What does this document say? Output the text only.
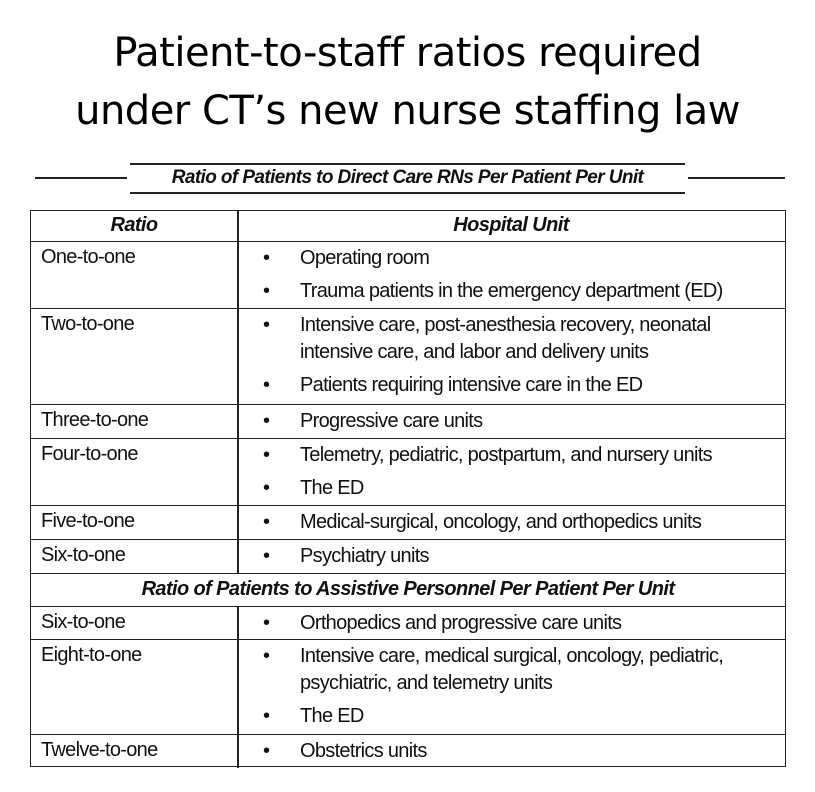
Patient-to-staff ratios required
under CT’s new nurse staffing law
Ratio of Patients to Direct Care RNs Per Patient Per Unit
Ratio	Hospital Unit
One-to-one	• Operating room
• Trauma patients in the emergency department (ED)
Two-to-one	• Intensive care, post-anesthesia recovery, neonatal intensive care, and labor and delivery units
• Patients requiring intensive care in the ED
Three-to-one	• Progressive care units
Four-to-one	• Telemetry, pediatric, postpartum, and nursery units
• The ED
Five-to-one	• Medical-surgical, oncology, and orthopedics units
Six-to-one	• Psychiatry units
Ratio of Patients to Assistive Personnel Per Patient Per Unit
Six-to-one	• Orthopedics and progressive care units
Eight-to-one	• Intensive care, medical surgical, oncology, pediatric, psychiatric, and telemetry units
• The ED
Twelve-to-one	• Obstetrics units
